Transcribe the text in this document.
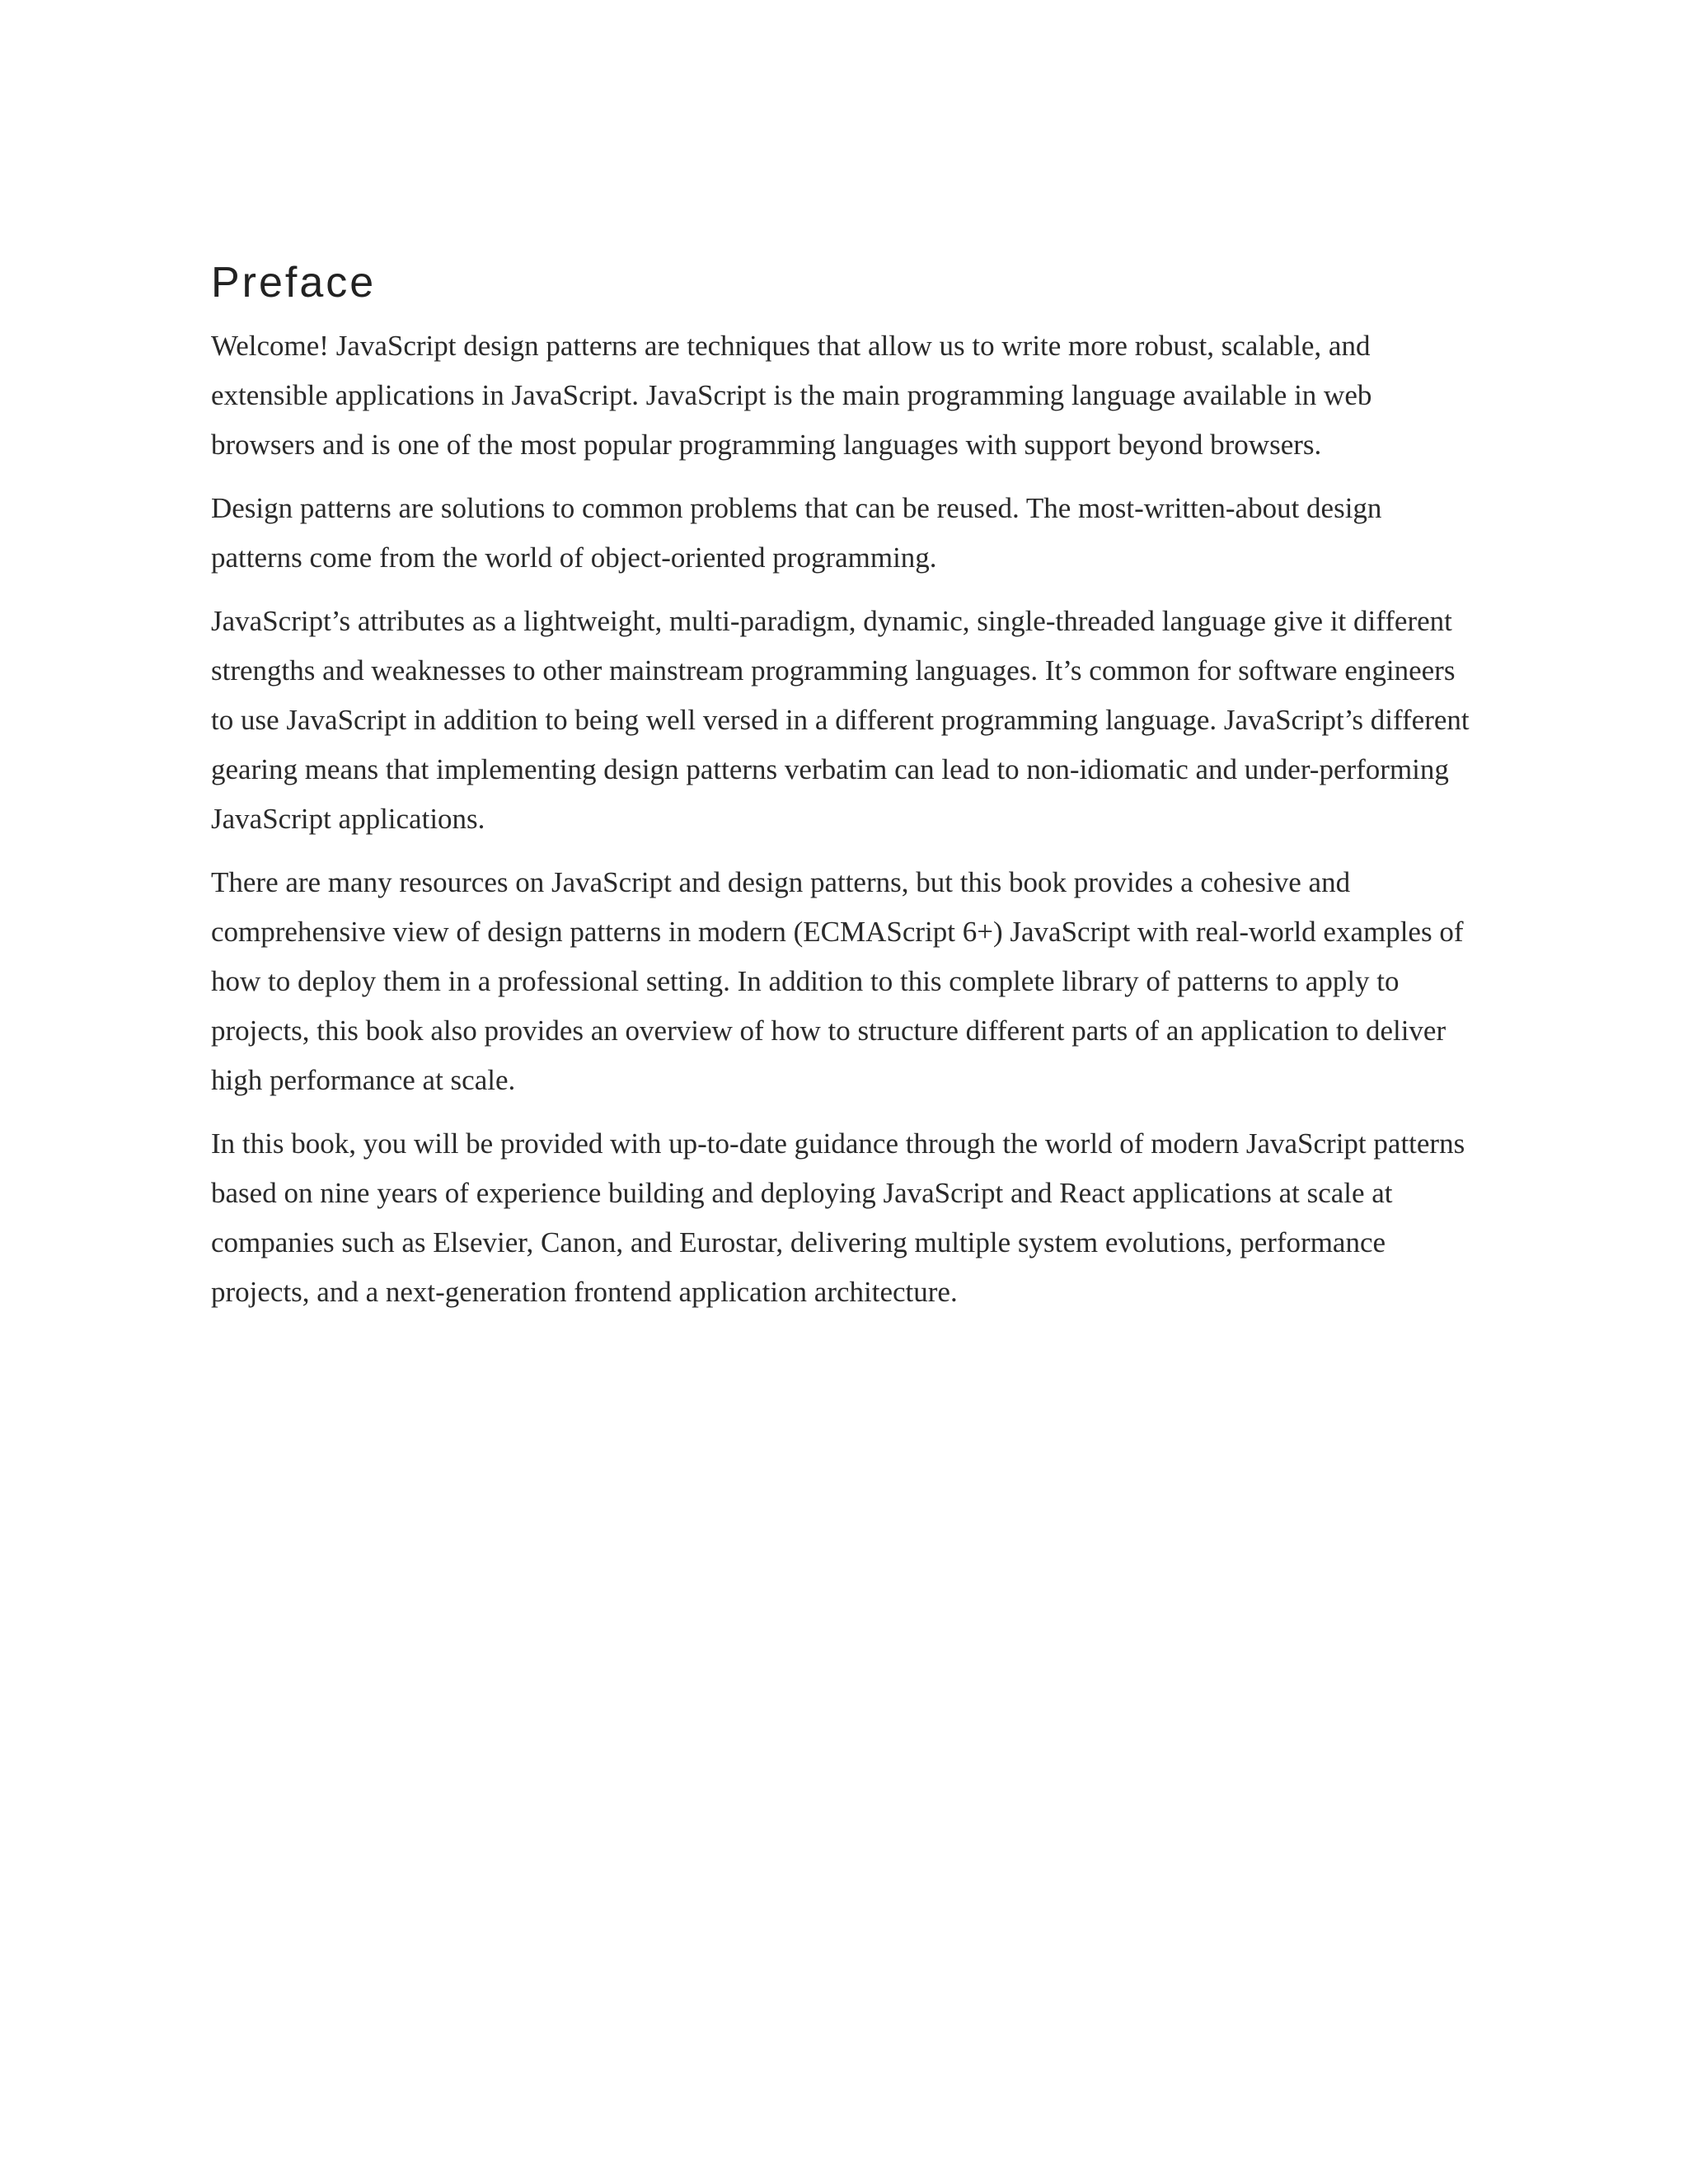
Preface

Welcome! JavaScript design patterns are techniques that allow us to write more robust, scalable, and extensible applications in JavaScript. JavaScript is the main programming language available in web browsers and is one of the most popular programming languages with support beyond browsers.

Design patterns are solutions to common problems that can be reused. The most-written-about design patterns come from the world of object-oriented programming.

JavaScript’s attributes as a lightweight, multi-paradigm, dynamic, single-threaded language give it different strengths and weaknesses to other mainstream programming languages. It’s common for software engineers to use JavaScript in addition to being well versed in a different programming language. JavaScript’s different gearing means that implementing design patterns verbatim can lead to non-idiomatic and under-performing JavaScript applications.

There are many resources on JavaScript and design patterns, but this book provides a cohesive and comprehensive view of design patterns in modern (ECMAScript 6+) JavaScript with real-world examples of how to deploy them in a professional setting. In addition to this complete library of patterns to apply to projects, this book also provides an overview of how to structure different parts of an application to deliver high performance at scale.

In this book, you will be provided with up-to-date guidance through the world of modern JavaScript patterns based on nine years of experience building and deploying JavaScript and React applications at scale at companies such as Elsevier, Canon, and Eurostar, delivering multiple system evolutions, performance projects, and a next-generation frontend application architecture.
